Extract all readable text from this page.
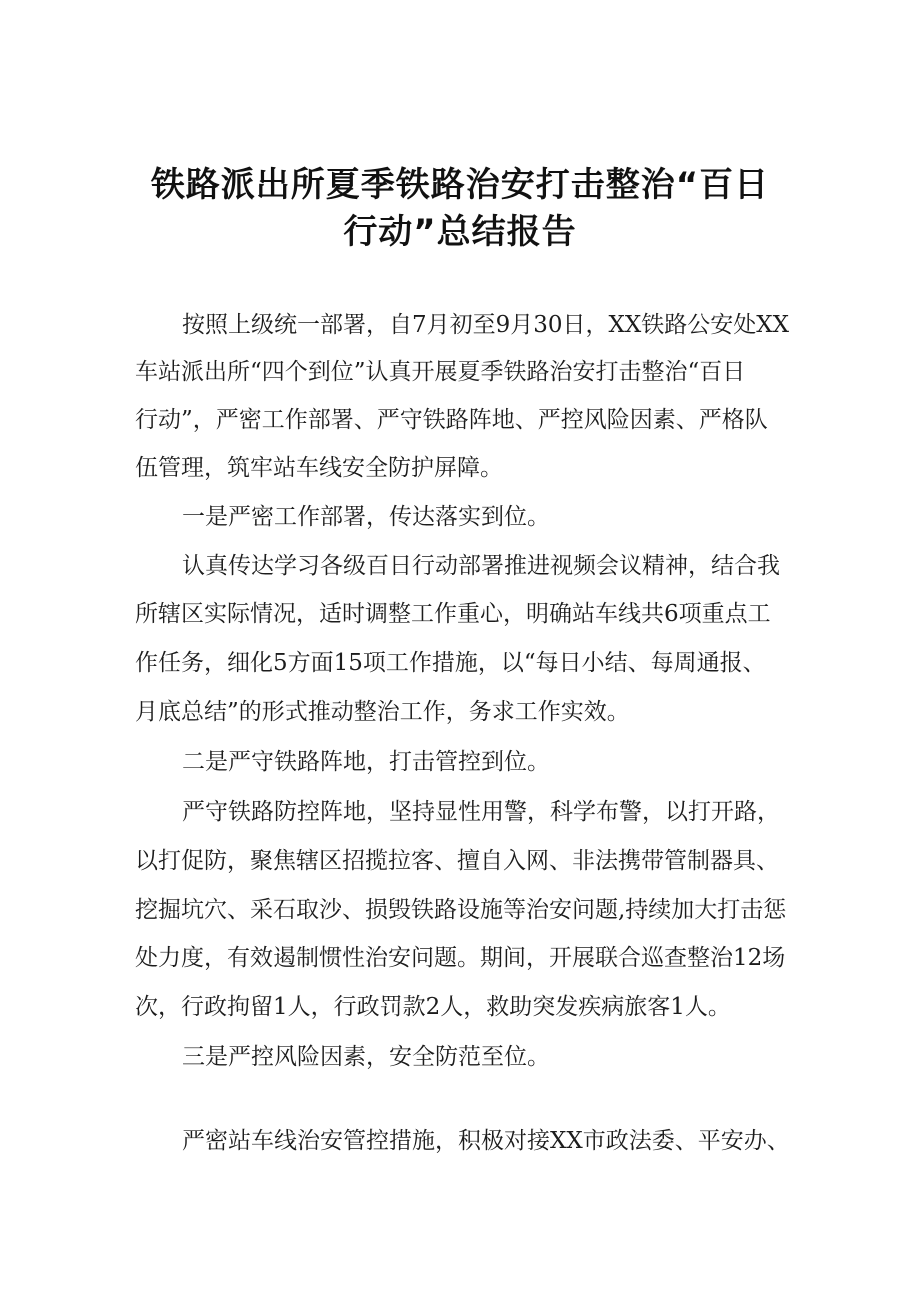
铁路派出所夏季铁路治安打击整治“百日
行动”总结报告

按照上级统一部署，自7月初至9月30日，XX铁路公安处XX

车站派出所“四个到位”认真开展夏季铁路治安打击整治“百日

行动”，严密工作部署、严守铁路阵地、严控风险因素、严格队

伍管理，筑牢站车线安全防护屏障。

一是严密工作部署，传达落实到位。

认真传达学习各级百日行动部署推进视频会议精神，结合我

所辖区实际情况，适时调整工作重心，明确站车线共6项重点工

作任务，细化5方面15项工作措施，以“每日小结、每周通报、

月底总结”的形式推动整治工作，务求工作实效。

二是严守铁路阵地，打击管控到位。

严守铁路防控阵地，坚持显性用警，科学布警，以打开路，

以打促防，聚焦辖区招揽拉客、擅自入网、非法携带管制器具、

挖掘坑穴、采石取沙、损毁铁路设施等治安问题,持续加大打击惩

处力度，有效遏制惯性治安问题。期间，开展联合巡查整治12场

次，行政拘留1人，行政罚款2人，救助突发疾病旅客1人。

三是严控风险因素，安全防范至位。

严密站车线治安管控措施，积极对接XX市政法委、平安办、
